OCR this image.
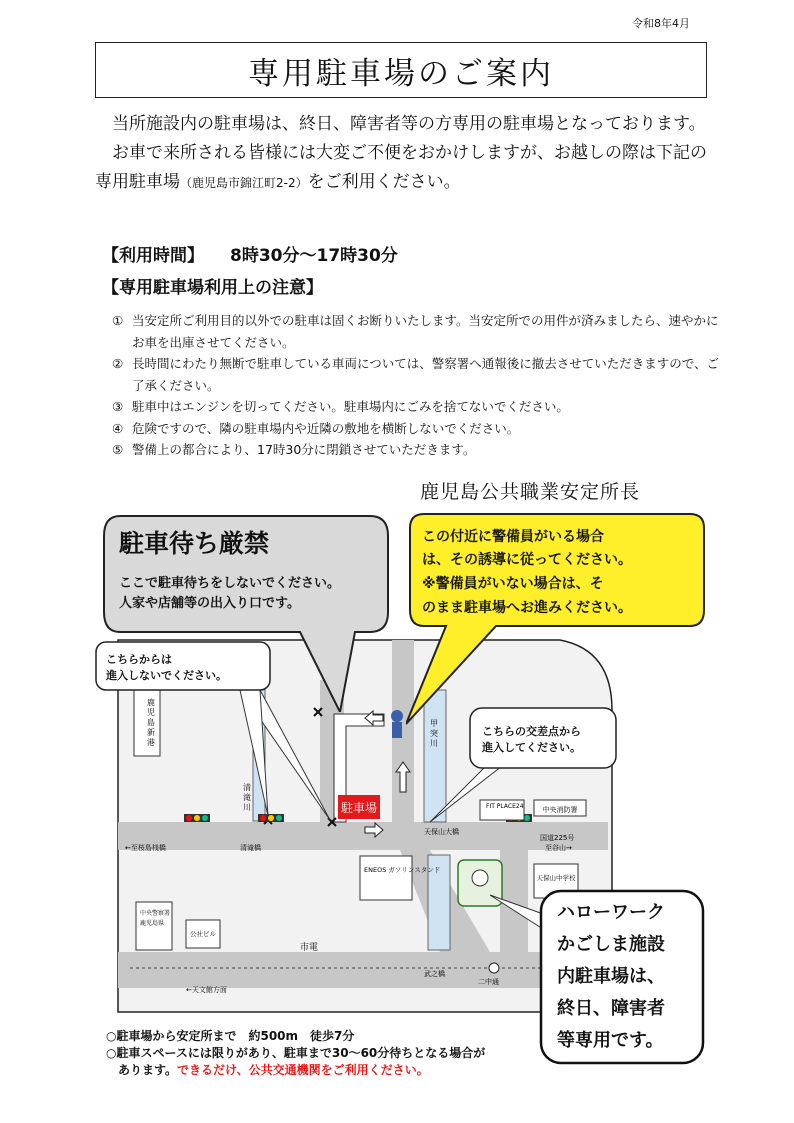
令和8年4月
専用駐車場のご案内

当所施設内の駐車場は、終日、障害者等の方専用の駐車場となっております。

お車で来所される皆様には大変ご不便をおかけしますが、お越しの際は下記の専用駐車場（鹿児島市錦江町2-2）をご利用ください。

【利用時間】 8時30分～17時30分
【専用駐車場利用上の注意】
① 当安定所ご利用目的以外での駐車は固くお断りいたします。当安定所での用件が済みましたら、速やかにお車を出庫させてください。
② 長時間にわたり無断で駐車している車両については、警察署へ通報後に撤去させていただきますので、ご了承ください。
③ 駐車中はエンジンを切ってください。駐車場内にごみを捨てないでください。
④ 危険ですので、隣の駐車場内や近隣の敷地を横断しないでください。
⑤ 警備上の都合により、17時30分に閉鎖させていただきます。
鹿児島公共職業安定所長
駐車場
鹿児島新港
清滝川
甲突川
FIT PLACE24	中央消防署
国道225号
至谷山→
←至桜島桟橋	清滝橋
天保山大橋
ENEOS ガソリンスタンド
天保山中学校
中央警察署
鹿児島県
公社ビル
市電
武之橋
二中通
←天文館方面
駐車待ち厳禁
ここで駐車待ちをしないでください。
人家や店舗等の出入り口です。
この付近に警備員がいる場合
は、その誘導に従ってください。
※警備員がいない場合は、そ
のまま駐車場へお進みください。
こちらからは
進入しないでください。
こちらの交差点から
進入してください。
ハローワーク
かごしま施設
内駐車場は、
終日、障害者
等専用です。
○駐車場から安定所まで　約500m　徒歩7分
○駐車スペースには限りがあり、駐車まで30～60分待ちとなる場合が
あります。できるだけ、公共交通機関をご利用ください。
